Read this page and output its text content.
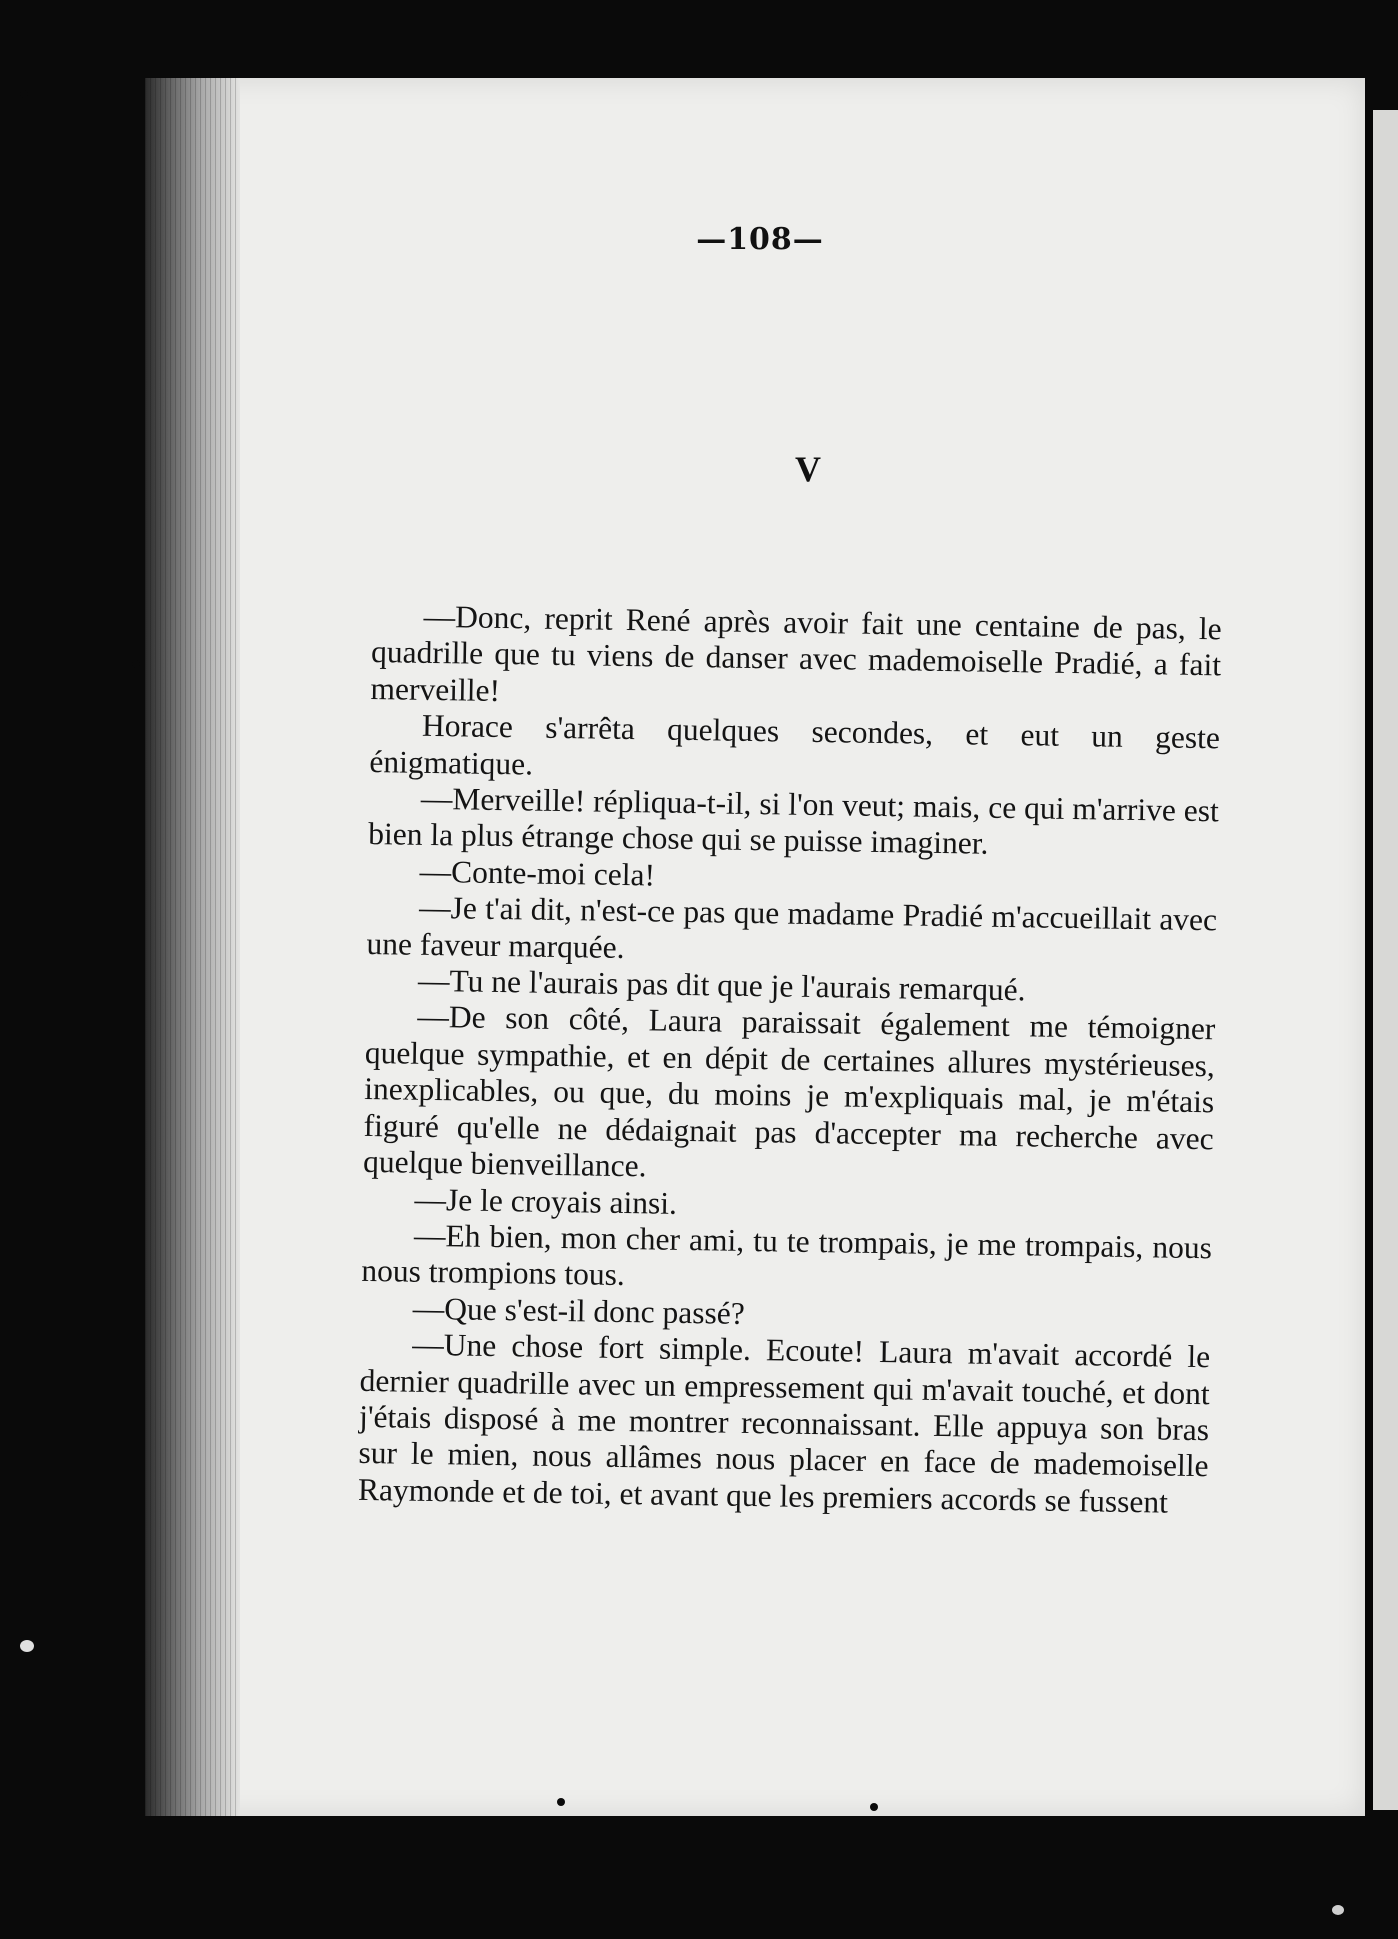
—108—
V

—Donc, reprit René après avoir fait une centaine de pas, le quadrille que tu viens de danser avec mademoiselle Pradié, a fait merveille!

Horace s'arrêta quelques secondes, et eut un geste énigmatique.

—Merveille! répliqua-t-il, si l'on veut; mais, ce qui m'arrive est bien la plus étrange chose qui se puisse imaginer.

—Conte-moi cela!

—Je t'ai dit, n'est-ce pas que madame Pradié m'accueillait avec une faveur marquée.

—Tu ne l'aurais pas dit que je l'aurais remarqué.

—De son côté, Laura paraissait également me témoigner quelque sympathie, et en dépit de certaines allures mystérieuses, inexplicables, ou que, du moins je m'expliquais mal, je m'étais figuré qu'elle ne dédaignait pas d'accepter ma recherche avec quelque bienveillance.

—Je le croyais ainsi.

—Eh bien, mon cher ami, tu te trompais, je me trompais, nous nous trompions tous.

—Que s'est-il donc passé?

—Une chose fort simple. Ecoute! Laura m'avait accordé le dernier quadrille avec un empressement qui m'avait touché, et dont j'étais disposé à me montrer reconnaissant. Elle appuya son bras sur le mien, nous allâmes nous placer en face de mademoiselle Raymonde et de toi, et avant que les premiers accords se fussent
